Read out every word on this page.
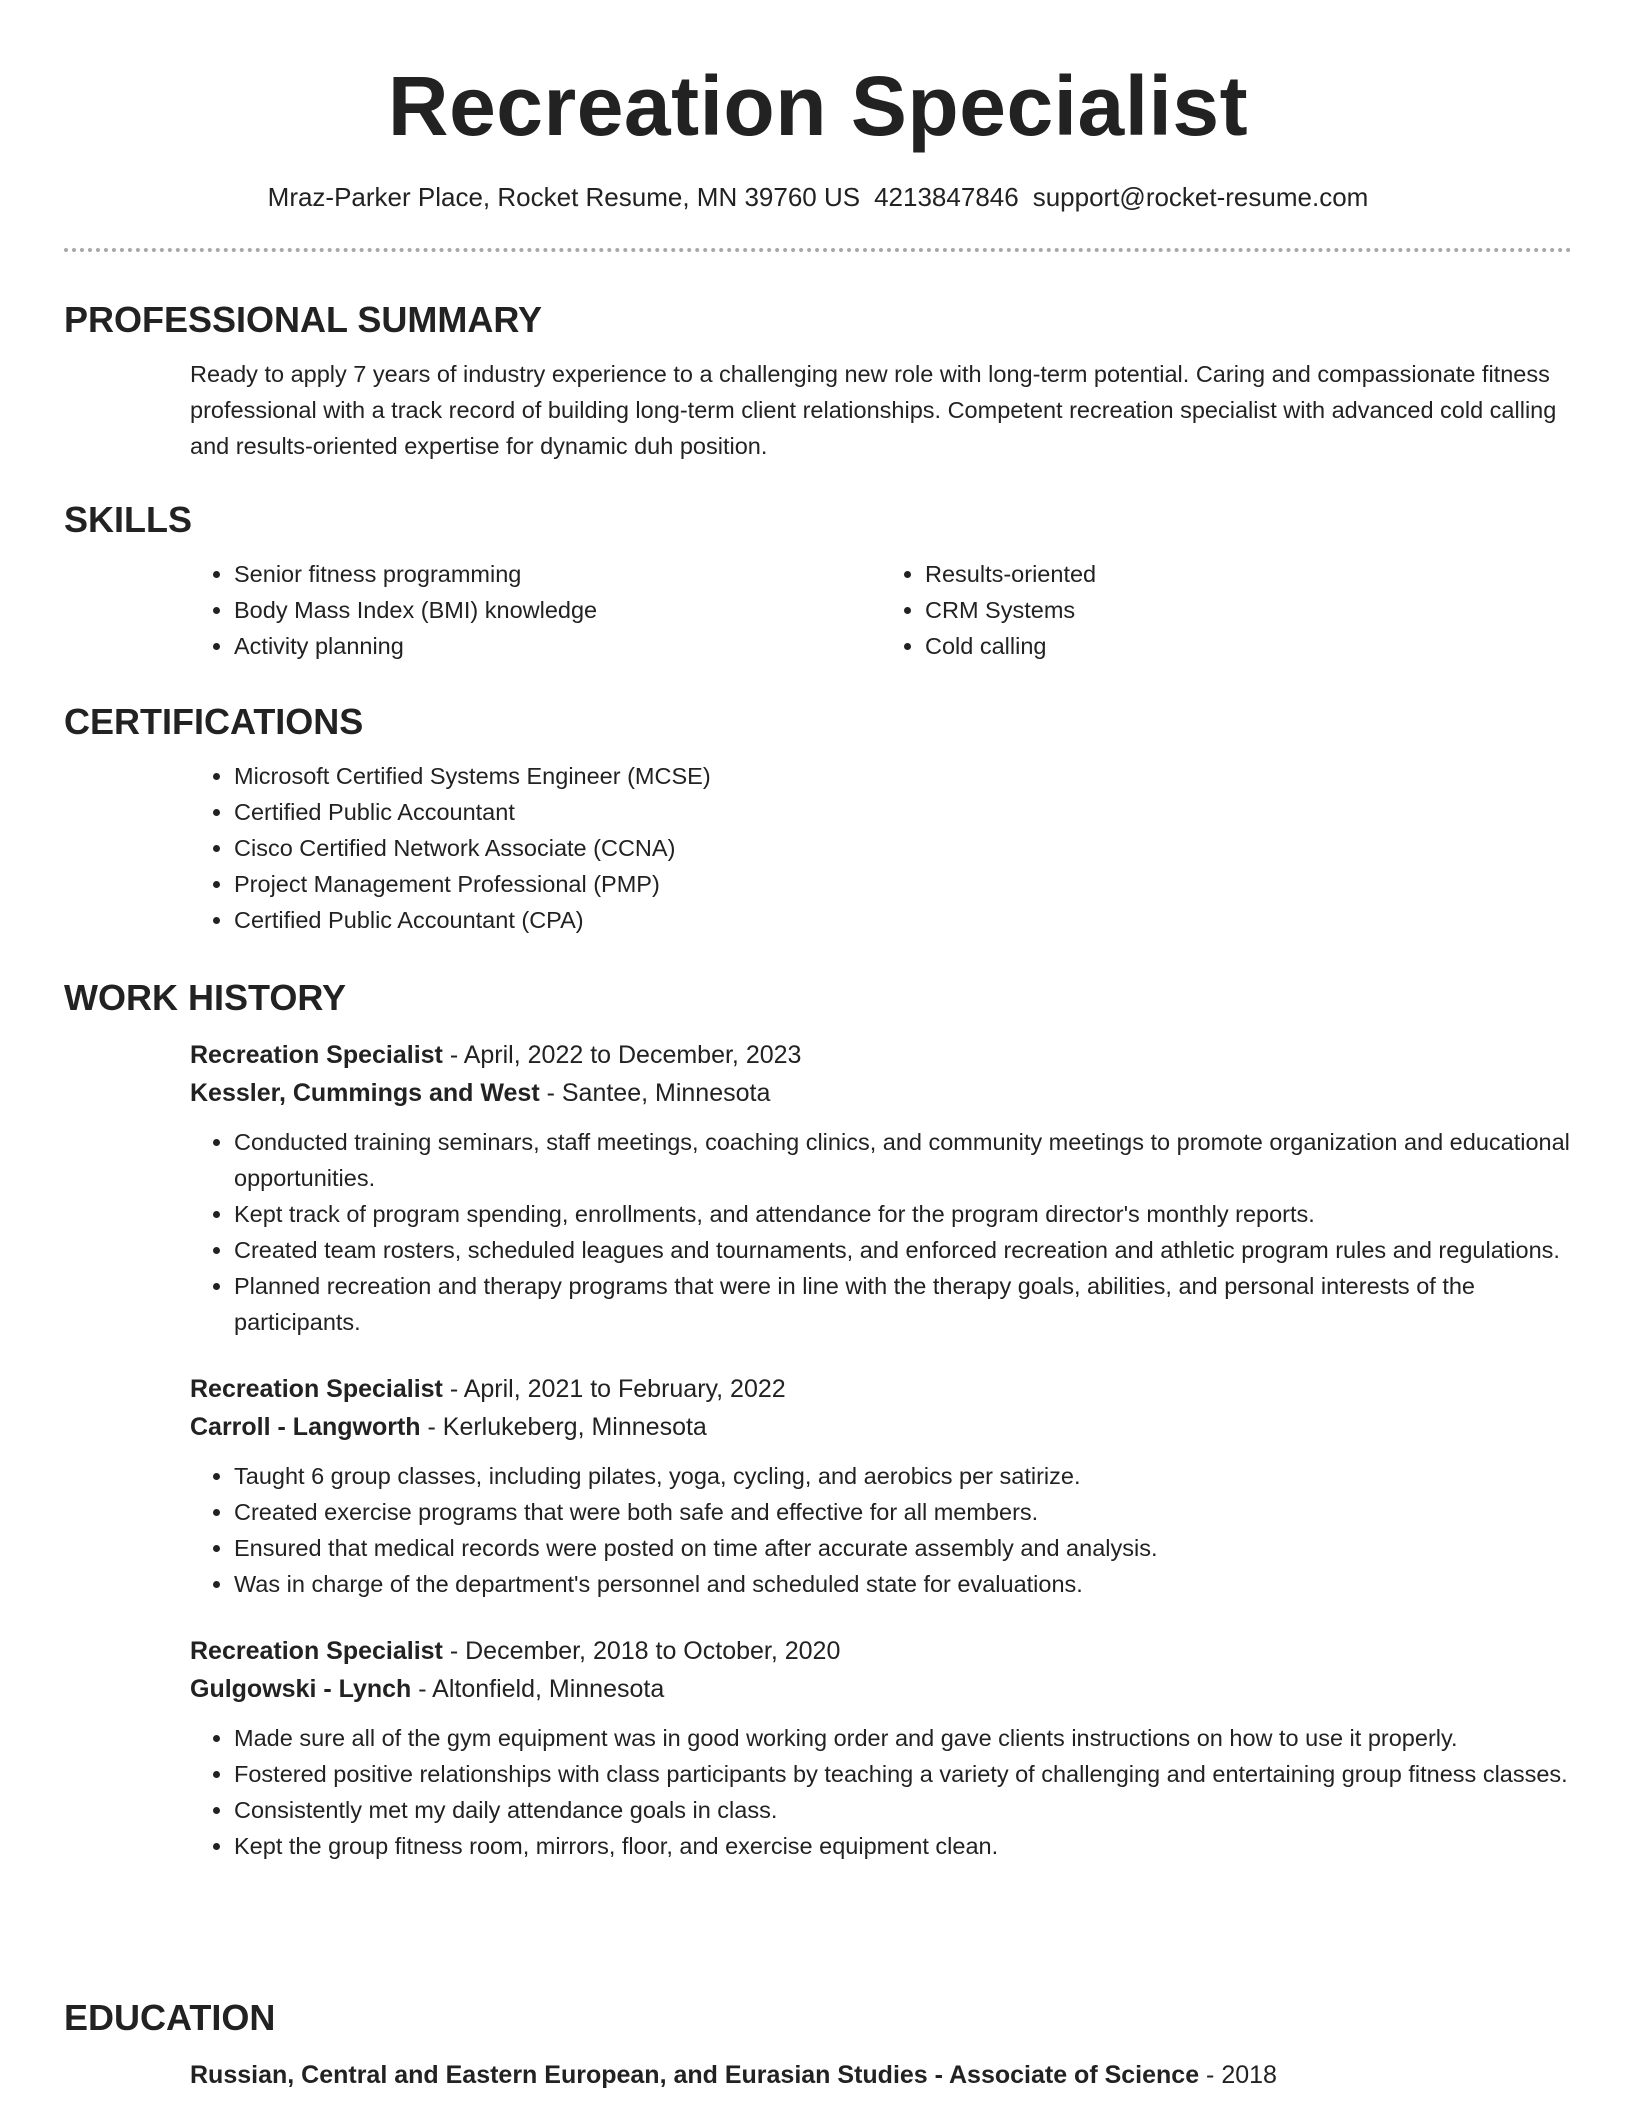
Recreation Specialist
Mraz-Parker Place, Rocket Resume, MN 39760 US 4213847846 support@rocket-resume.com
PROFESSIONAL SUMMARY
Ready to apply 7 years of industry experience to a challenging new role with long-term potential. Caring and compassionate fitness professional with a track record of building long-term client relationships. Competent recreation specialist with advanced cold calling and results-oriented expertise for dynamic duh position.
SKILLS
• Senior fitness programming
• Body Mass Index (BMI) knowledge
• Activity planning
• Results-oriented
• CRM Systems
• Cold calling
CERTIFICATIONS
• Microsoft Certified Systems Engineer (MCSE)
• Certified Public Accountant
• Cisco Certified Network Associate (CCNA)
• Project Management Professional (PMP)
• Certified Public Accountant (CPA)
WORK HISTORY
Recreation Specialist - April, 2022 to December, 2023
Kessler, Cummings and West - Santee, Minnesota
• Conducted training seminars, staff meetings, coaching clinics, and community meetings to promote organization and educational opportunities.
• Kept track of program spending, enrollments, and attendance for the program director's monthly reports.
• Created team rosters, scheduled leagues and tournaments, and enforced recreation and athletic program rules and regulations.
• Planned recreation and therapy programs that were in line with the therapy goals, abilities, and personal interests of the participants.
Recreation Specialist - April, 2021 to February, 2022
Carroll - Langworth - Kerlukeberg, Minnesota
• Taught 6 group classes, including pilates, yoga, cycling, and aerobics per satirize.
• Created exercise programs that were both safe and effective for all members.
• Ensured that medical records were posted on time after accurate assembly and analysis.
• Was in charge of the department's personnel and scheduled state for evaluations.
Recreation Specialist - December, 2018 to October, 2020
Gulgowski - Lynch - Altonfield, Minnesota
• Made sure all of the gym equipment was in good working order and gave clients instructions on how to use it properly.
• Fostered positive relationships with class participants by teaching a variety of challenging and entertaining group fitness classes.
• Consistently met my daily attendance goals in class.
• Kept the group fitness room, mirrors, floor, and exercise equipment clean.
EDUCATION
Russian, Central and Eastern European, and Eurasian Studies - Associate of Science - 2018
